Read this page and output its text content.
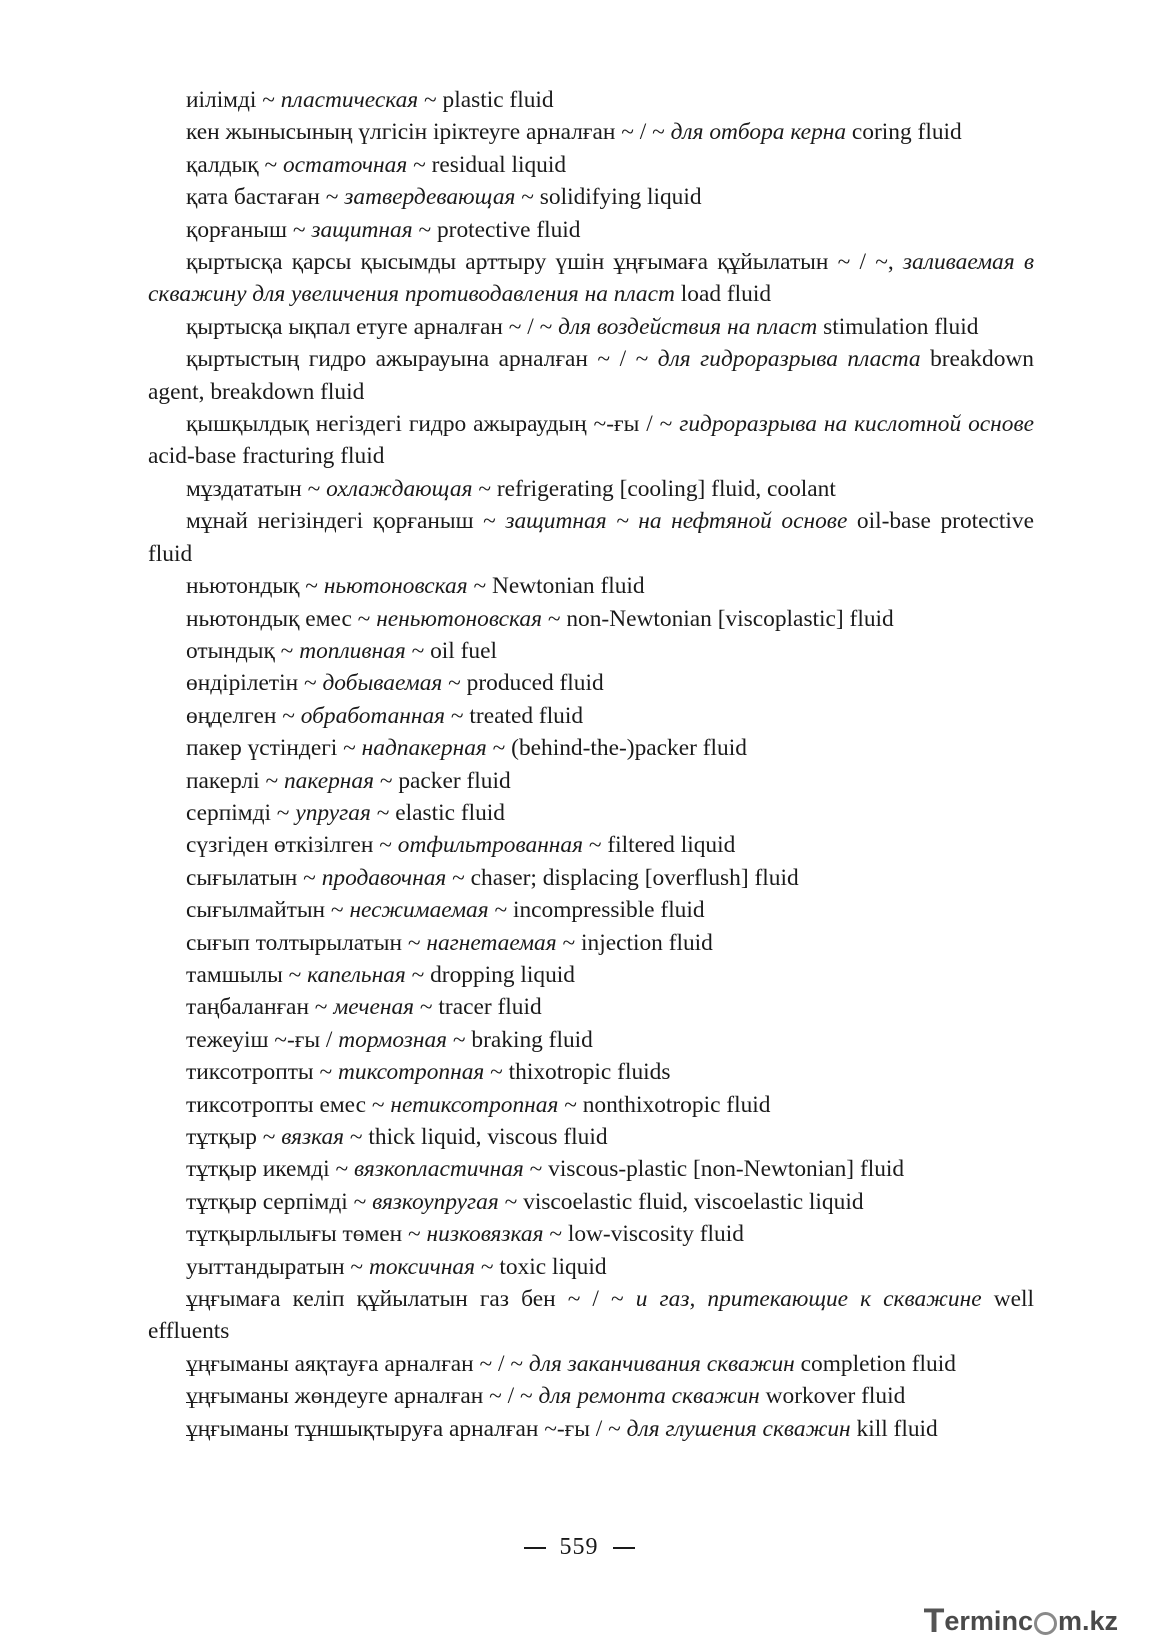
иілімді ~ пластическая ~ plastic fluid

кен жынысының үлгісін іріктеуге арналған ~ / ~ для отбора керна coring fluid

қалдық ~ остаточная ~ residual liquid

қата бастаған ~ затвердевающая ~ solidifying liquid

қорғаныш ~ защитная ~ protective fluid

қыртысқа қарсы қысымды арттыру үшін ұңғымаға құйылатын ~ / ~, заливаемая в скважину для увеличения противодавления на пласт load fluid

қыртысқа ықпал етуге арналған ~ / ~ для воздействия на пласт stimulation fluid

қыртыстың гидро ажырауына арналған ~ / ~ для гидроразрыва пласта breakdown agent, breakdown fluid

қышқылдық негіздегі гидро ажыраудың ~-ғы / ~ гидроразрыва на кислотной основе acid-base fracturing fluid

мұздататын ~ охлаждающая ~ refrigerating [cooling] fluid, coolant

мұнай негізіндегі қорғаныш ~ защитная ~ на нефтяной основе oil-base protective fluid

ньютондық ~ ньютоновская ~ Newtonian fluid

ньютондық емес ~ неньютоновская ~ non-Newtonian [viscoplastic] fluid

отындық ~ топливная ~ oil fuel

өндірілетін ~ добываемая ~ produced fluid

өңделген ~ обработанная ~ treated fluid

пакер үстіндегі ~ надпакерная ~ (behind-the-)packer fluid

пакерлі ~ пакерная ~ packer fluid

серпімді ~ упругая ~ elastic fluid

сүзгіден өткізілген ~ отфильтрованная ~ filtered liquid

сығылатын ~ продавочная ~ chaser; displacing [overflush] fluid

сығылмайтын ~ несжимаемая ~ incompressible fluid

сығып толтырылатын ~ нагнетаемая ~ injection fluid

тамшылы ~ капельная ~ dropping liquid

таңбаланған ~ меченая ~ tracer fluid

тежеуіш ~-ғы / тормозная ~ braking fluid

тиксотропты ~ тиксотропная ~ thixotropic fluids

тиксотропты емес ~ нетиксотропная ~ nonthixotropic fluid

тұтқыр ~ вязкая ~ thick liquid, viscous fluid

тұтқыр икемді ~ вязкопластичная ~ viscous-plastic [non-Newtonian] fluid

тұтқыр серпімді ~ вязкоупругая ~ viscoelastic fluid, viscoelastic liquid

тұтқырлылығы төмен ~ низковязкая ~ low-viscosity fluid

уыттандыратын ~ токсичная ~ toxic liquid

ұңғымаға келіп құйылатын газ бен ~ / ~ и газ, притекающие к скважине well effluents

ұңғыманы аяқтауға арналған ~ / ~ для заканчивания скважин completion fluid

ұңғыманы жөндеуге арналған ~ / ~ для ремонта скважин workover fluid

ұңғыманы тұншықтыруға арналған ~-ғы / ~ для глушения скважин kill fluid

559
T ermin c m.kz
